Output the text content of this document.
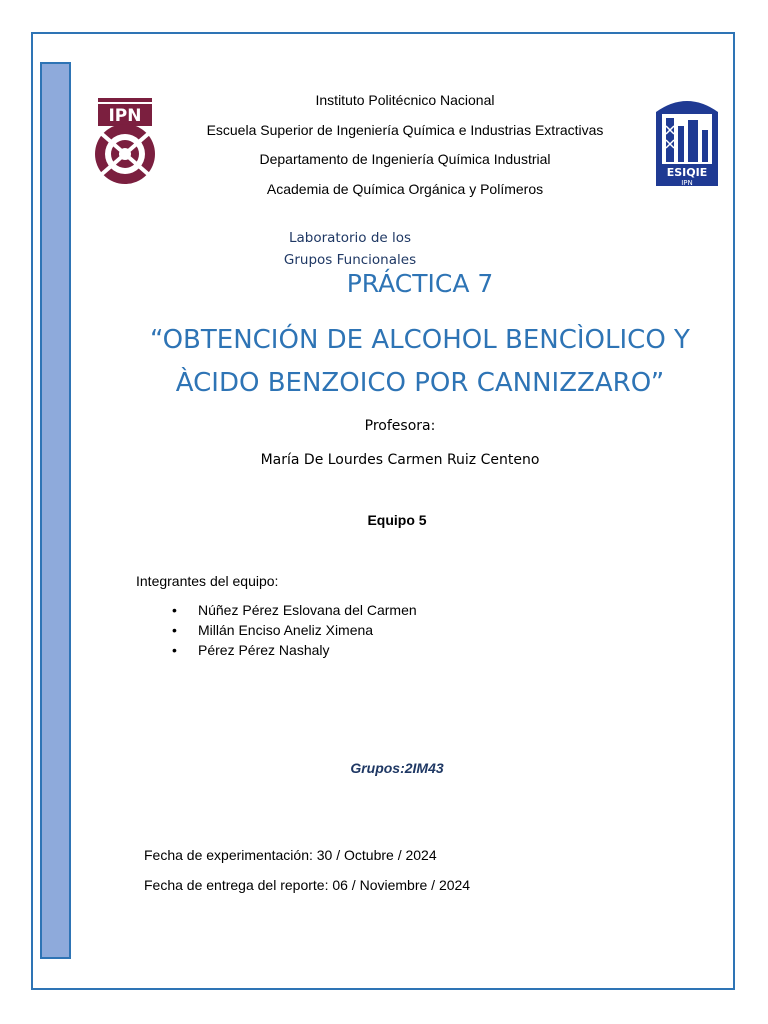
IPN
ESIQIE
IPN
Instituto Politécnico Nacional
Escuela Superior de Ingeniería Química e Industrias Extractivas
Departamento de Ingeniería Química Industrial
Academia de Química Orgánica y Polímeros
Laboratorio de los
Grupos Funcionales
PRÁCTICA 7
“OBTENCIÓN DE ALCOHOL BENCÌOLICO Y
ÀCIDO BENZOICO POR CANNIZZARO”
Profesora:
María De Lourdes Carmen Ruiz Centeno
Equipo 5
Integrantes del equipo:
• Núñez Pérez Eslovana del Carmen
• Millán Enciso Aneliz Ximena
• Pérez Pérez Nashaly
Grupos:2IM43
Fecha de experimentación: 30 / Octubre / 2024
Fecha de entrega del reporte: 06 / Noviembre / 2024
